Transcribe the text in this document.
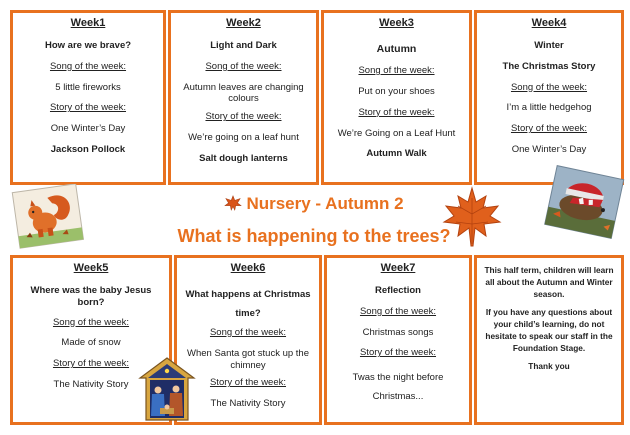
Week1
How are we brave?
Song of the week:
5 little fireworks
Story of the week:
One Winter’s Day
Jackson Pollock
Week2
Light and Dark
Song of the week:
Autumn leaves are changing colours
Story of the week:
We’re going on a leaf hunt
Salt dough lanterns
Week3
Autumn
Song of the week:
Put on your shoes
Story of the week:
We’re Going on a Leaf Hunt
Autumn Walk
Week4
Winter
The Christmas Story
Song of the week:
I’m a little hedgehog
Story of the week:
One Winter’s Day
Nursery - Autumn 2
What is happening to the trees?
Week5
Where was the baby Jesus born?
Song of the week:
Made of snow
Story of the week:
The Nativity Story
Week6
What happens at Christmas time?
Song of the week:
When Santa got stuck up the chimney
Story of the week:
The Nativity Story
Week7
Reflection
Song of the week:
Christmas songs
Story of the week:
Twas the night before Christmas...
This half term, children will learn all about the Autumn and Winter season.
If you have any questions about your child’s learning, do not hesitate to speak our staff in the Foundation Stage.
Thank you
